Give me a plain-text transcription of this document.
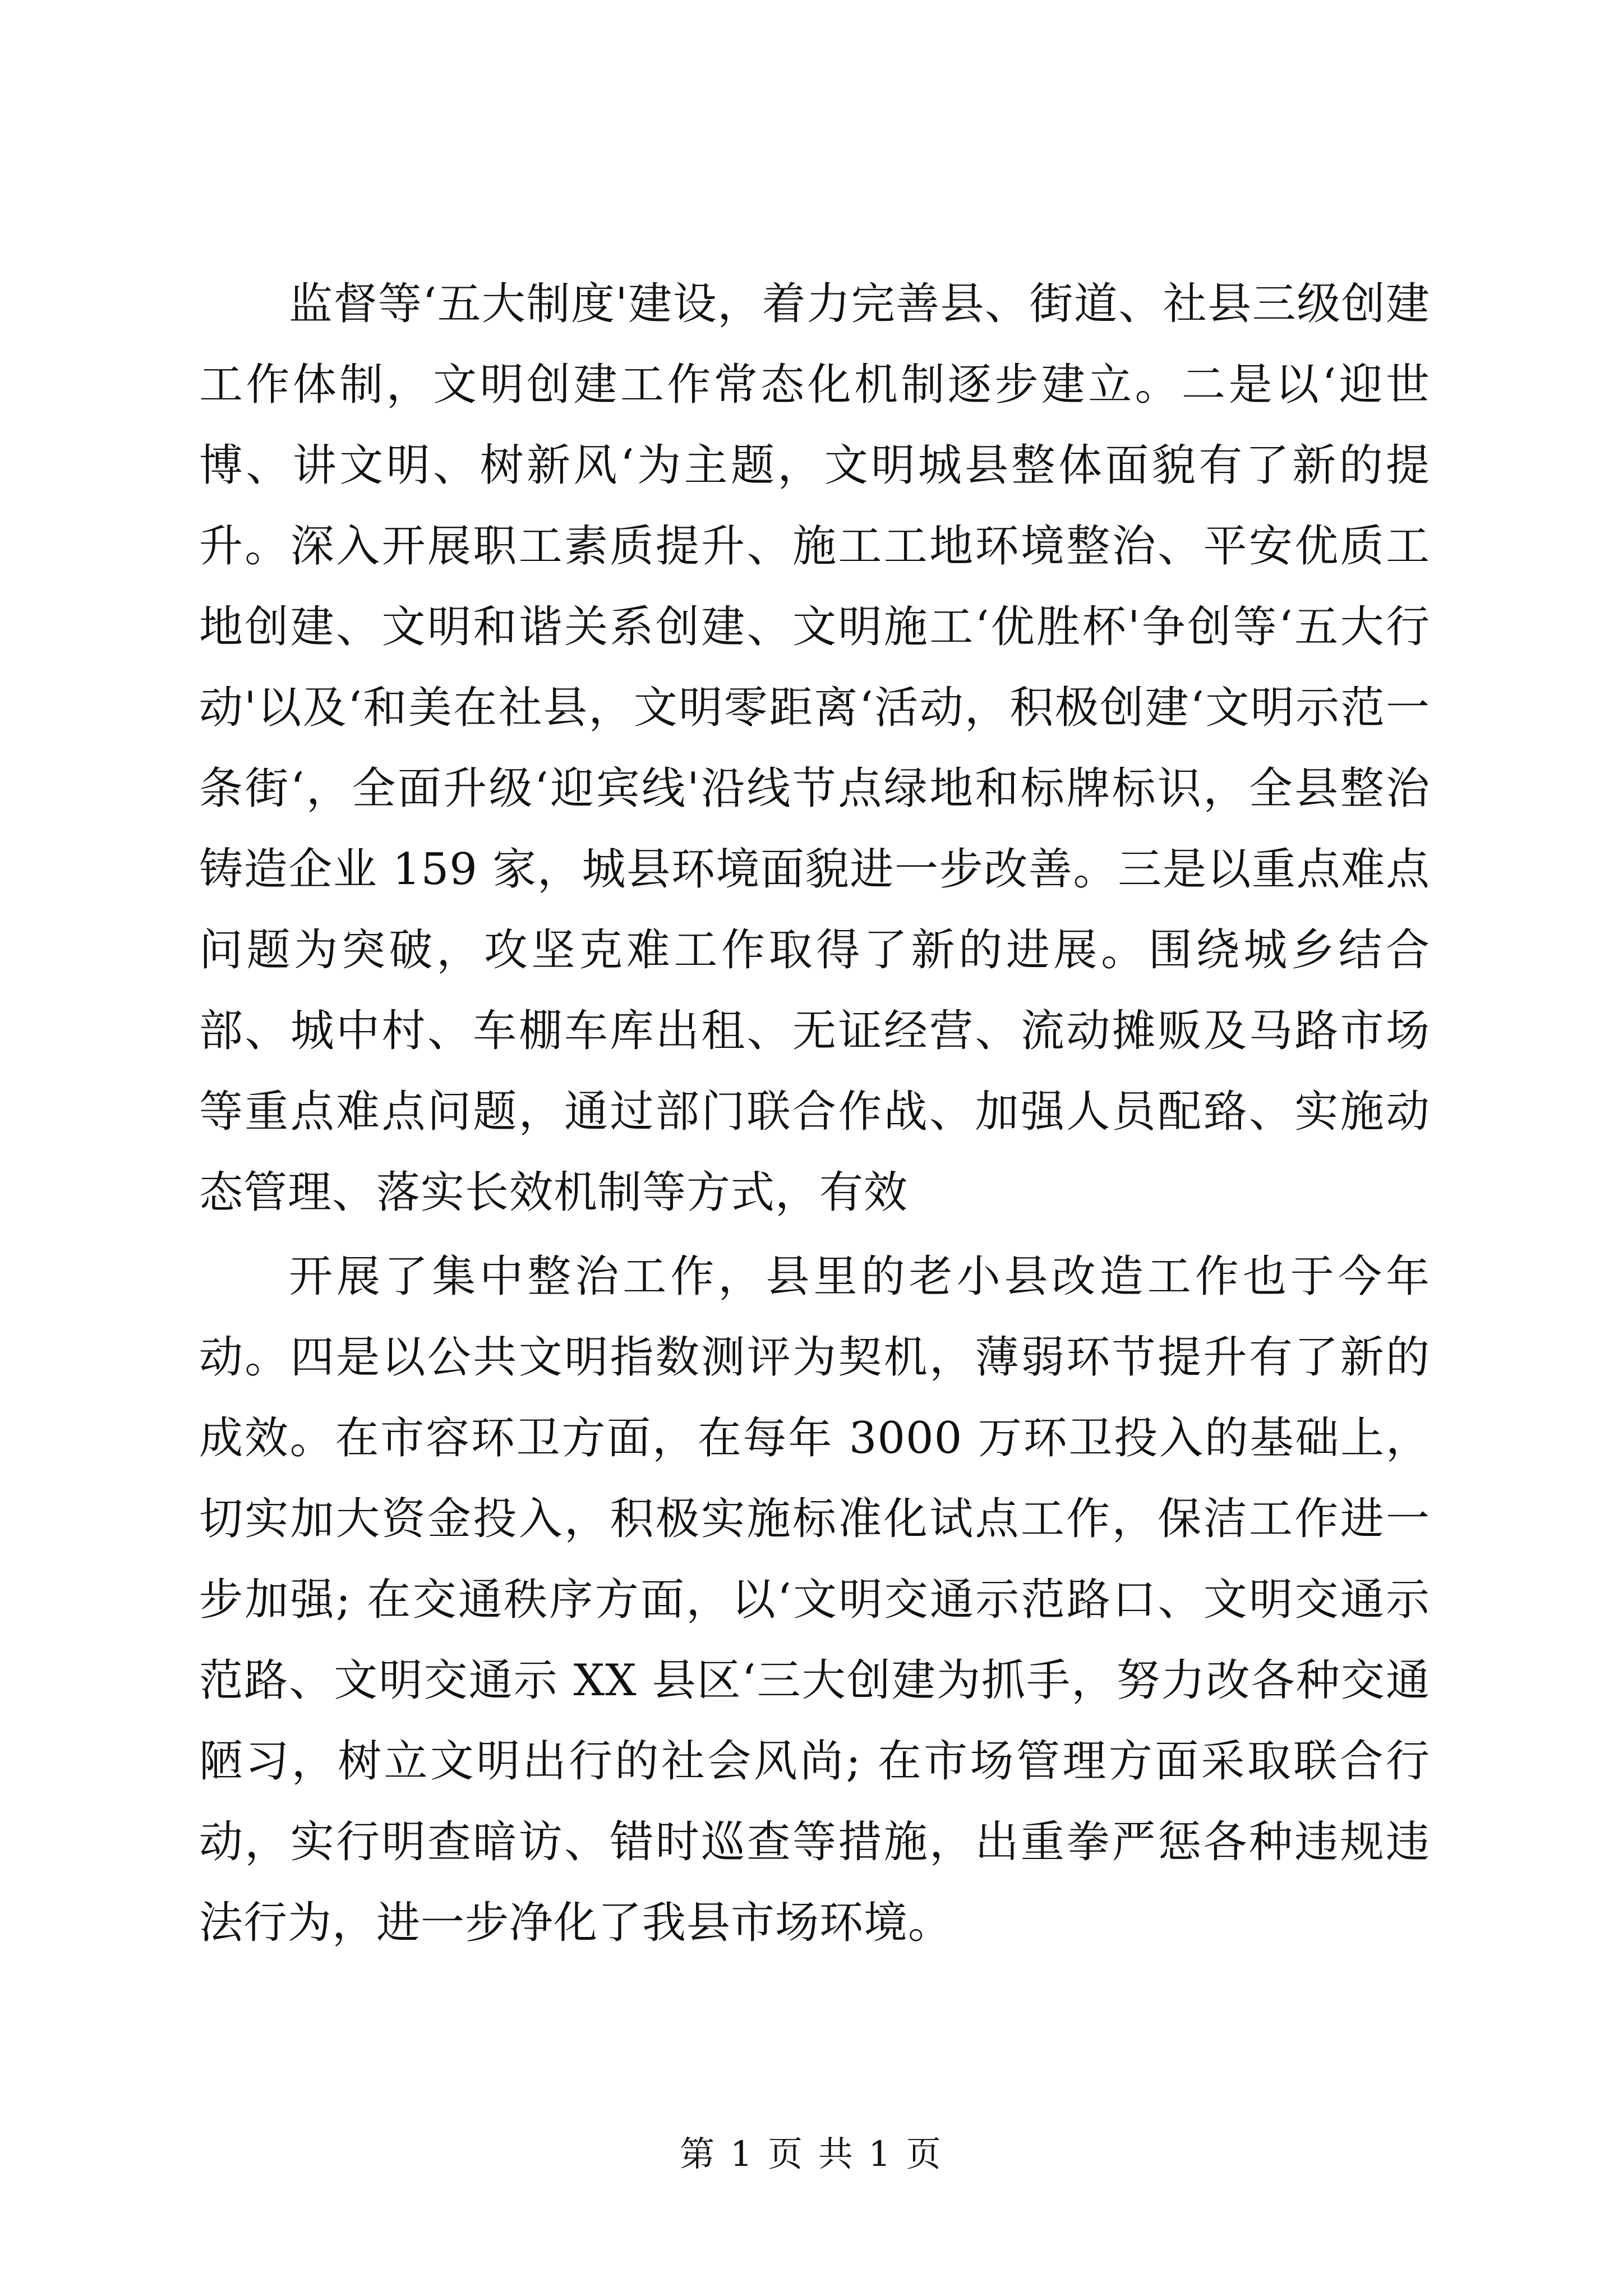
监督等‘五大制度'建设，着力完善县、街道、社县三级创建工作体制，文明创建工作常态化机制逐步建立。二是以‘迎世博、讲文明、树新风‘为主题，文明城县整体面貌有了新的提升。深入开展职工素质提升、施工工地环境整治、平安优质工地创建、文明和谐关系创建、文明施工‘优胜杯'争创等‘五大行动'以及‘和美在社县，文明零距离‘活动，积极创建‘文明示范一条街‘，全面升级‘迎宾线'沿线节点绿地和标牌标识，全县整治铸造企业 159 家，城县环境面貌进一步改善。三是以重点难点问题为突破，攻坚克难工作取得了新的进展。围绕城乡结合部、城中村、车棚车库出租、无证经营、流动摊贩及马路市场等重点难点问题，通过部门联合作战、加强人员配臵、实施动态管理、落实长效机制等方式，有效

开展了集中整治工作，县里的老小县改造工作也于今年动。四是以公共文明指数测评为契机，薄弱环节提升有了新的成效。在市容环卫方面，在每年 3000 万环卫投入的基础上，切实加大资金投入，积极实施标准化试点工作，保洁工作进一步加强; 在交通秩序方面，以‘文明交通示范路口、文明交通示范路、文明交通示 XX 县区‘三大创建为抓手，努力改各种交通陋习，树立文明出行的社会风尚; 在市场管理方面采取联合行动，实行明查暗访、错时巡查等措施，出重拳严惩各种违规违法行为，进一步净化了我县市场环境。

第 1 页 共 1 页
